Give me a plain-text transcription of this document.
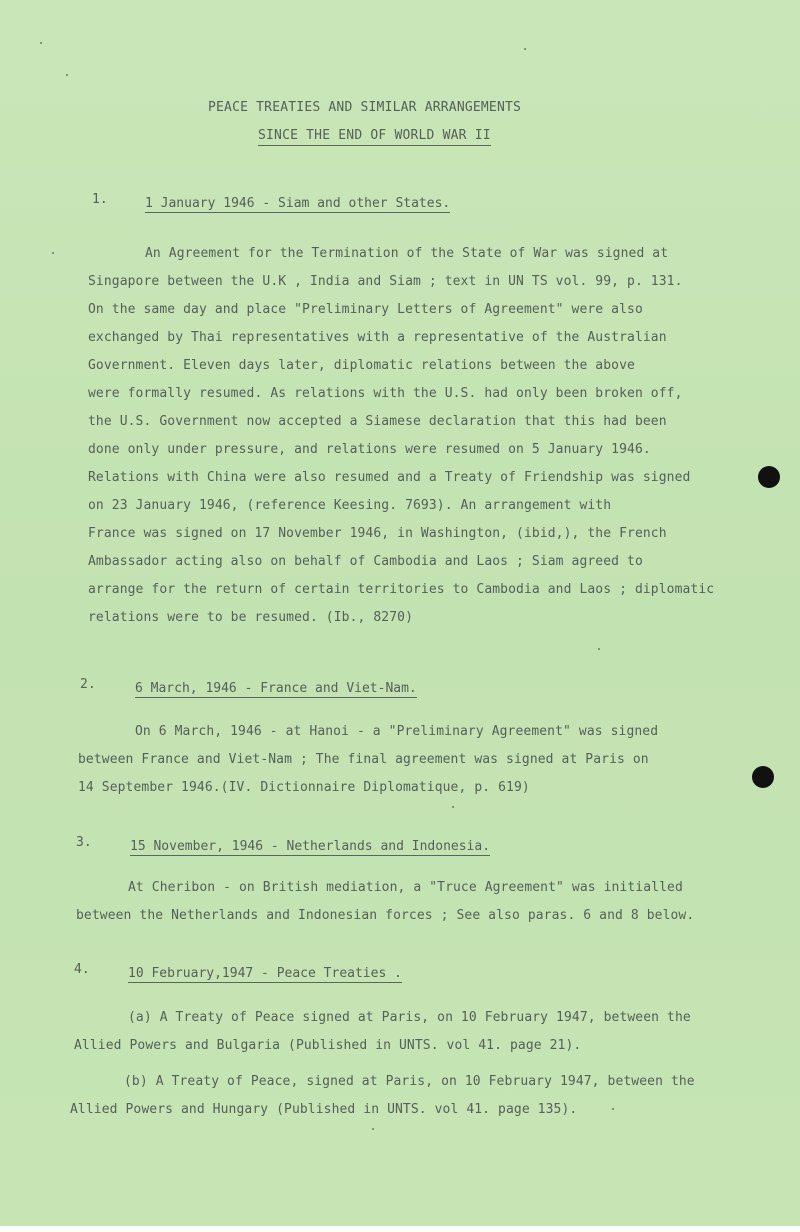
PEACE TREATIES AND SIMILAR ARRANGEMENTS
SINCE THE END OF WORLD WAR II
1.	1 January 1946 - Siam and other States.
An Agreement for the Termination of the State of War was signed at
Singapore between the U.K , India and Siam ; text in UN TS vol. 99, p. 131.
On the same day and place "Preliminary Letters of Agreement" were also
exchanged by Thai representatives with a representative of the Australian
Government. Eleven days later, diplomatic relations between the above
were formally resumed. As relations with the U.S. had only been broken off,
the U.S. Government now accepted a Siamese declaration that this had been
done only under pressure, and relations were resumed on 5 January 1946.
Relations with China were also resumed and a Treaty of Friendship was signed
on 23 January 1946, (reference Keesing. 7693). An arrangement with
France was signed on 17 November 1946, in Washington, (ibid,), the French
Ambassador acting also on behalf of Cambodia and Laos ; Siam agreed to
arrange for the return of certain territories to Cambodia and Laos ; diplomatic
relations were to be resumed. (Ib., 8270)
2.	6 March, 1946 - France and Viet-Nam.
On 6 March, 1946 - at Hanoi - a "Preliminary Agreement" was signed
between France and Viet-Nam ; The final agreement was signed at Paris on
14 September 1946.(IV. Dictionnaire Diplomatique, p. 619)
3.	15 November, 1946 - Netherlands and Indonesia.
At Cheribon - on British mediation, a "Truce Agreement" was initialled
between the Netherlands and Indonesian forces ; See also paras. 6 and 8 below.
4.	10 February,1947 - Peace Treaties .
(a) A Treaty of Peace signed at Paris, on 10 February 1947, between the
Allied Powers and Bulgaria (Published in UNTS. vol 41. page 21).
(b) A Treaty of Peace, signed at Paris, on 10 February 1947, between the
Allied Powers and Hungary (Published in UNTS. vol 41. page 135).
